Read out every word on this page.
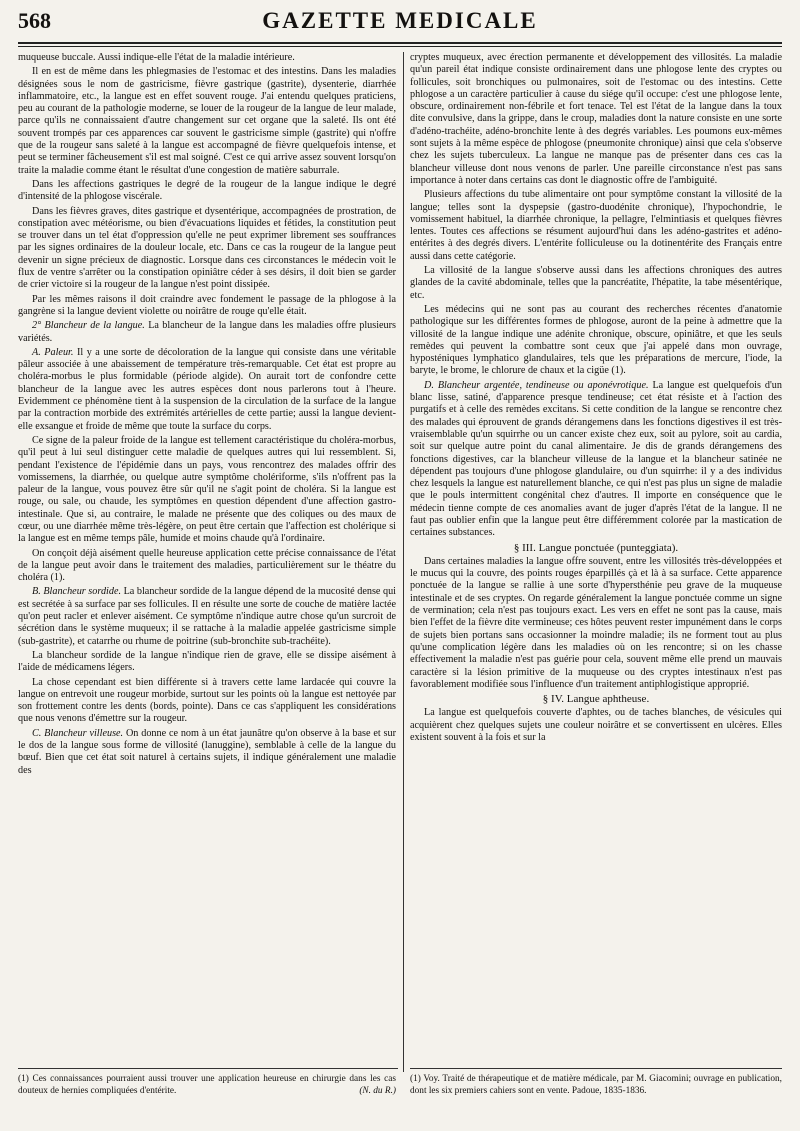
568	GAZETTE MEDICALE

muqueuse buccale. Aussi indique-elle l'état de la maladie intérieure.

Il en est de même dans les phlegmasies de l'estomac et des intestins. Dans les maladies désignées sous le nom de gastricisme, fièvre gastrique (gastrite), dysenterie, diarrhée inflammatoire, etc., la langue est en effet souvent rouge. J'ai entendu quelques praticiens, peu au courant de la pathologie moderne, se louer de la rougeur de la langue de leur malade, parce qu'ils ne connaissaient d'autre changement sur cet organe que la saleté. Ils ont été souvent trompés par ces apparences car souvent le gastricisme simple (gastrite) qui n'offre que de la rougeur sans saleté à la langue est accompagné de fièvre quelquefois intense, et peut se terminer fâcheusement s'il est mal soigné. C'est ce qui arrive assez souvent lorsqu'on traite la maladie comme étant le résultat d'une congestion de matière saburrale.

Dans les affections gastriques le degré de la rougeur de la langue indique le degré d'intensité de la phlogose viscérale.

Dans les fièvres graves, dites gastrique et dysentérique, accompagnées de prostration, de constipation avec météorisme, ou bien d'évacuations liquides et fétides, la constitution peut se trouver dans un tel état d'oppression qu'elle ne peut exprimer librement ses souffrances par les signes ordinaires de la douleur locale, etc. Dans ce cas la rougeur de la langue peut devenir un signe précieux de diagnostic. Lorsque dans ces circonstances le médecin voit le flux de ventre s'arrêter ou la constipation opiniâtre céder à ses désirs, il doit bien se garder de crier victoire si la rougeur de la langue n'est point dissipée.

Par les mêmes raisons il doit craindre avec fondement le passage de la phlogose à la gangrène si la langue devient violette ou noirâtre de rouge qu'elle était.

2° Blancheur de la langue. La blancheur de la langue dans les maladies offre plusieurs variétés.

A. Paleur. Il y a une sorte de décoloration de la langue qui consiste dans une véritable pâleur associée à une abaissement de température très-remarquable. Cet état est propre au choléra-morbus le plus formidable (période algide). On aurait tort de confondre cette blancheur de la langue avec les autres espèces dont nous parlerons tout à l'heure. Evidemment ce phénomène tient à la suspension de la circulation de la surface de la langue par la contraction morbide des extrémités artérielles de cette partie; aussi la langue devient-elle exsangue et froide de même que toute la surface du corps.

Ce signe de la paleur froide de la langue est tellement caractéristique du choléra-morbus, qu'il peut à lui seul distinguer cette maladie de quelques autres qui lui ressemblent. Si, pendant l'existence de l'épidémie dans un pays, vous rencontrez des malades offrir des vomissemens, la diarrhée, ou quelque autre symptôme cholériforme, s'ils n'offrent pas la paleur de la langue, vous pouvez être sûr qu'il ne s'agit point de choléra. Si la langue est rouge, ou sale, ou chaude, les symptômes en question dépendent d'une affection gastro-intestinale. Que si, au contraire, le malade ne présente que des coliques ou des maux de cœur, ou une diarrhée même très-légère, on peut être certain que l'affection est cholérique si la langue est en même temps pâle, humide et moins chaude qu'à l'ordinaire.

On conçoit déjà aisément quelle heureuse application cette précise connaissance de l'état de la langue peut avoir dans le traitement des maladies, particulièrement sur le théatre du choléra (1).

B. Blancheur sordide. La blancheur sordide de la langue dépend de la mucosité dense qui est secrétée à sa surface par ses follicules. Il en résulte une sorte de couche de matière lactée qu'on peut racler et enlever aisément. Ce symptôme n'indique autre chose qu'un surcroit de sécrétion dans le système muqueux; il se rattache à la maladie appelée gastricisme simple (sub-gastrite), et catarrhe ou rhume de poitrine (sub-bronchite sub-trachéite).

La blancheur sordide de la langue n'indique rien de grave, elle se dissipe aisément à l'aide de médicamens légers.

La chose cependant est bien différente si à travers cette lame lardacée qui couvre la langue on entrevoit une rougeur morbide, surtout sur les points où la langue est nettoyée par son frottement contre les dents (bords, pointe). Dans ce cas s'appliquent les considérations que nous venons d'émettre sur la rougeur.

C. Blancheur villeuse. On donne ce nom à un état jaunâtre qu'on observe à la base et sur le dos de la langue sous forme de villosité (lanuggine), semblable à celle de la langue du bœuf. Bien que cet état soit naturel à certains sujets, il indique généralement une maladie des

cryptes muqueux, avec érection permanente et développement des villosités. La maladie qu'un pareil état indique consiste ordinairement dans une phlogose lente des cryptes ou follicules, soit bronchiques ou pulmonaires, soit de l'estomac ou des intestins. Cette phlogose a un caractère particulier à cause du siége qu'il occupe: c'est une phlogose lente, obscure, ordinairement non-fébrile et fort tenace. Tel est l'état de la langue dans la toux dite convulsive, dans la grippe, dans le croup, maladies dont la nature consiste en une sorte d'adéno-trachéite, adéno-bronchite lente à des degrés variables. Les poumons eux-mêmes sont sujets à la même espèce de phlogose (pneumonite chronique) ainsi que cela s'observe chez les sujets tuberculeux. La langue ne manque pas de présenter dans ces cas la blancheur villeuse dont nous venons de parler. Une pareille circonstance n'est pas sans importance à noter dans certains cas dont le diagnostic offre de l'ambiguité.

Plusieurs affections du tube alimentaire ont pour symptôme constant la villosité de la langue; telles sont la dyspepsie (gastro-duodénite chronique), l'hypochondrie, le vomissement habituel, la diarrhée chronique, la pellagre, l'elmintiasis et quelques fièvres lentes. Toutes ces affections se résument aujourd'hui dans les adéno-gastrites et adéno-entérites à des degrés divers. L'entérite folliculeuse ou la dotinentérite des Français entre aussi dans cette catégorie.

La villosité de la langue s'observe aussi dans les affections chroniques des autres glandes de la cavité abdominale, telles que la pancréatite, l'hépatite, la tabe mésentérique, etc.

Les médecins qui ne sont pas au courant des recherches récentes d'anatomie pathologique sur les différentes formes de phlogose, auront de la peine à admettre que la villosité de la langue indique une adénite chronique, obscure, opiniâtre, et que les seuls remèdes qui peuvent la combattre sont ceux que j'ai appelé dans mon ouvrage, hyposténiques lymphatico glandulaires, tels que les préparations de mercure, l'iode, la baryte, le brome, le chlorure de chaux et la cigüe (1).

D. Blancheur argentée, tendineuse ou aponévrotique. La langue est quelquefois d'un blanc lisse, satiné, d'apparence presque tendineuse; cet état résiste et à l'action des purgatifs et à celle des remèdes excitans. Si cette condition de la langue se rencontre chez des malades qui éprouvent de grands dérangemens dans les fonctions digestives il est très-vraisemblable qu'un squirrhe ou un cancer existe chez eux, soit au pylore, soit au cardia, soit sur quelque autre point du canal alimentaire. Je dis de grands dérangemens des fonctions digestives, car la blancheur villeuse de la langue et la blancheur satinée ne dépendent pas toujours d'une phlogose glandulaire, ou d'un squirrhe: il y a des individus chez lesquels la langue est naturellement blanche, ce qui n'est pas plus un signe de maladie que le pouls intermittent congénital chez d'autres. Il importe en conséquence que le médecin tienne compte de ces anomalies avant de juger d'après l'état de la langue. Il ne faut pas oublier enfin que la langue peut être différemment colorée par la mastication de certaines substances.

§ III. Langue ponctuée (punteggiata).

Dans certaines maladies la langue offre souvent, entre les villosités très-développées et le mucus qui la couvre, des points rouges éparpillés çà et là à sa surface. Cette apparence ponctuée de la langue se rallie à une sorte d'hypersthénie peu grave de la muqueuse intestinale et de ses cryptes. On regarde généralement la langue ponctuée comme un signe de vermination; cela n'est pas toujours exact. Les vers en effet ne sont pas la cause, mais bien l'effet de la fièvre dite vermineuse; ces hôtes peuvent rester impunément dans le corps de sujets bien portans sans occasionner la moindre maladie; ils ne forment tout au plus qu'une complication légère dans les maladies où on les rencontre; si on les chasse effectivement la maladie n'est pas guérie pour cela, souvent même elle prend un mauvais caractère si la lésion primitive de la muqueuse ou des cryptes intestinaux n'est pas favorablement modifiée sous l'influence d'un traitement antiphlogistique approprié.

§ IV. Langue aphtheuse.

La langue est quelquefois couverte d'aphtes, ou de taches blanches, de vésicules qui acquièrent chez quelques sujets une couleur noirâtre et se convertissent en ulcères. Elles existent souvent à la fois et sur la

(1) Ces connaissances pourraient aussi trouver une application heureuse en chirurgie dans les cas douteux de hernies compliquées d'entérite.	(N. du R.)
(1) Voy. Traité de thérapeutique et de matière médicale, par M. Giacomini; ouvrage en publication, dont les six premiers cahiers sont en vente. Padoue, 1835-1836.
